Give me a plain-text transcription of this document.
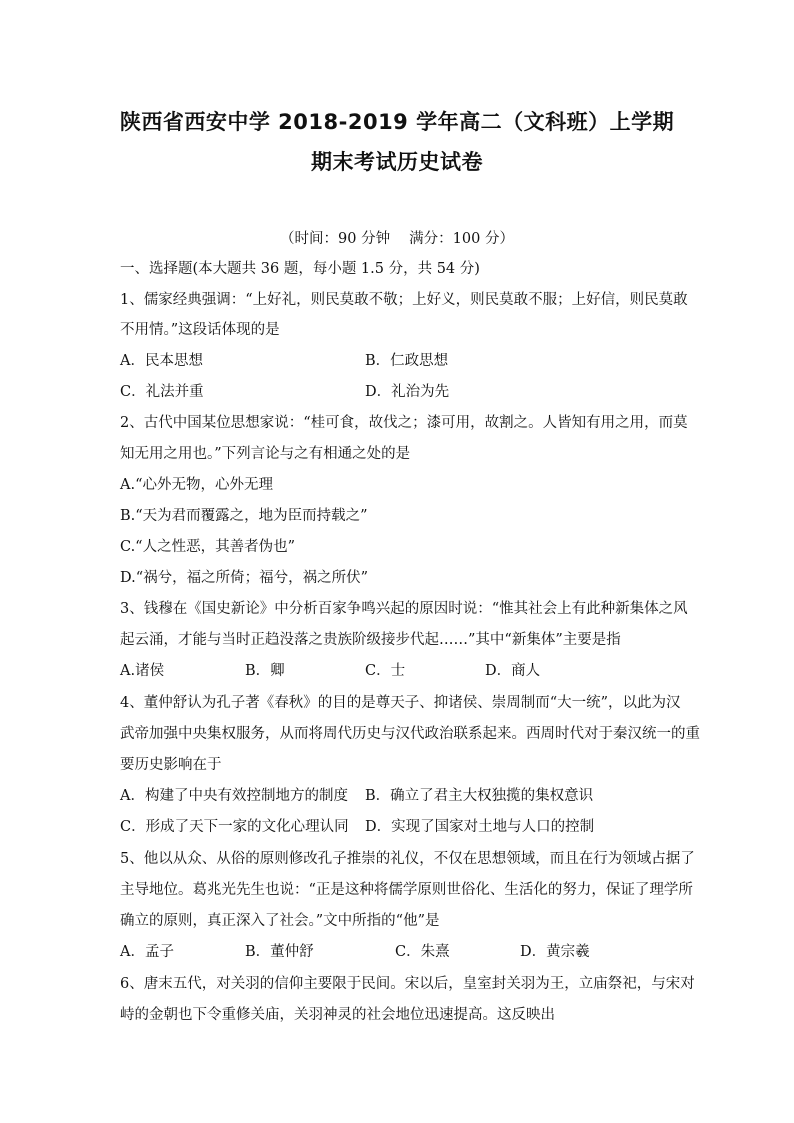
陕西省西安中学 2018-2019 学年高二（文科班）上学期
期末考试历史试卷
（时间：90 分钟　 满分：100 分）
一、选择题(本大题共 36 题，每小题 1.5 分，共 54 分)
1、儒家经典强调：“上好礼，则民莫敢不敬；上好义，则民莫敢不服；上好信，则民莫敢
不用情。”这段话体现的是
A．民本思想	B．仁政思想
C．礼法并重	D．礼治为先
2、古代中国某位思想家说：“桂可食，故伐之；漆可用，故割之。人皆知有用之用，而莫
知无用之用也。”下列言论与之有相通之处的是
A.“心外无物，心外无理
B.“天为君而覆露之，地为臣而持载之”
C.“人之性恶，其善者伪也”
D.“祸兮，福之所倚；福兮，祸之所伏”
3、钱穆在《国史新论》中分析百家争鸣兴起的原因时说：“惟其社会上有此种新集体之风
起云涌，才能与当时正趋没落之贵族阶级接步代起……”其中“新集体”主要是指
A.诸侯	B．卿	C．士	D．商人
4、董仲舒认为孔子著《春秋》的目的是尊天子、抑诸侯、崇周制而“大一统”，以此为汉
武帝加强中央集权服务，从而将周代历史与汉代政治联系起来。西周时代对于秦汉统一的重
要历史影响在于
A．构建了中央有效控制地方的制度 B．确立了君主大权独揽的集权意识
C．形成了天下一家的文化心理认同 D．实现了国家对土地与人口的控制
5、他以从众、从俗的原则修改孔子推崇的礼仪，不仅在思想领域，而且在行为领域占据了
主导地位。葛兆光先生也说：“正是这种将儒学原则世俗化、生活化的努力，保证了理学所
确立的原则，真正深入了社会。”文中所指的“他”是
A．孟子	B．董仲舒	C．朱熹	D．黄宗羲
6、唐末五代，对关羽的信仰主要限于民间。宋以后，皇室封关羽为王，立庙祭祀，与宋对
峙的金朝也下令重修关庙，关羽神灵的社会地位迅速提高。这反映出
